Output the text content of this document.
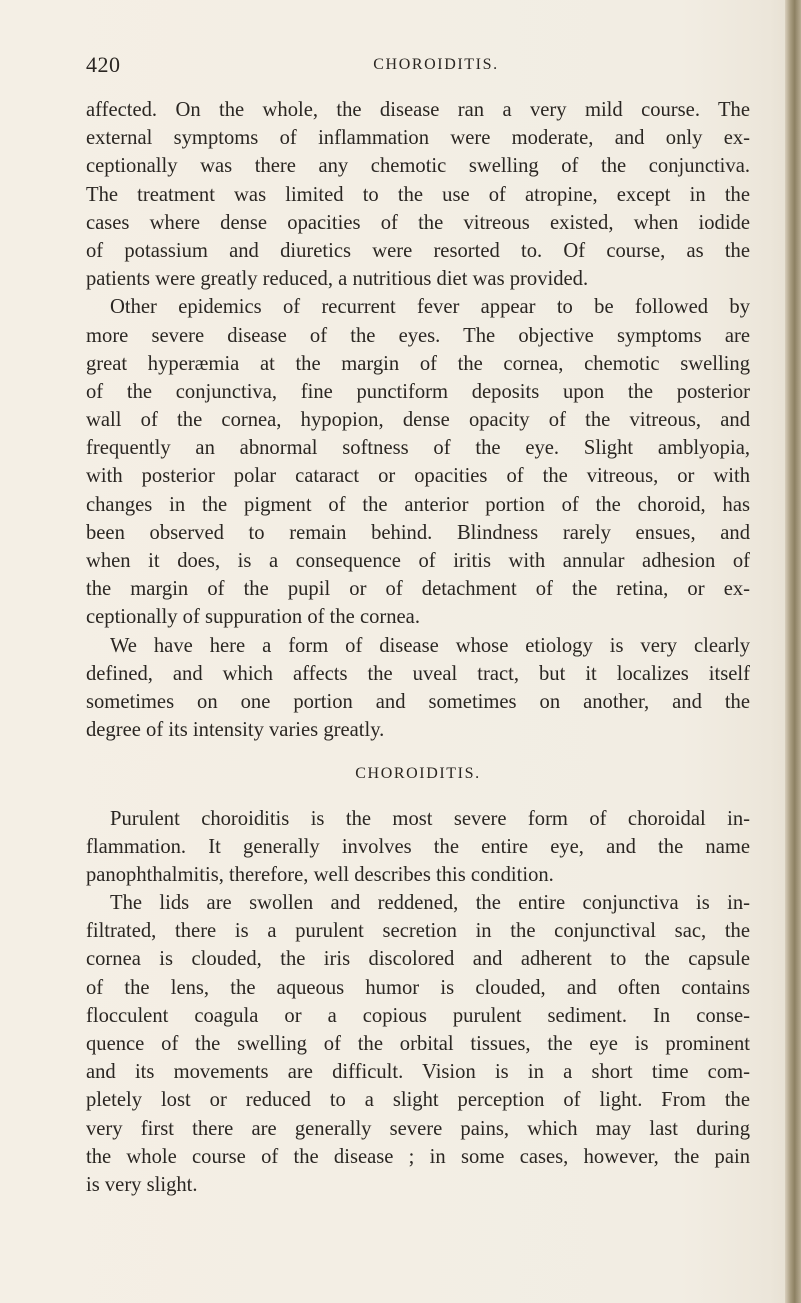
420	CHOROIDITIS.
affected. On the whole, the disease ran a very mild course. The
external symptoms of inflammation were moderate, and only ex-
ceptionally was there any chemotic swelling of the conjunctiva.
The treatment was limited to the use of atropine, except in the
cases where dense opacities of the vitreous existed, when iodide
of potassium and diuretics were resorted to. Of course, as the
patients were greatly reduced, a nutritious diet was provided.
Other epidemics of recurrent fever appear to be followed by
more severe disease of the eyes. The objective symptoms are
great hyperæmia at the margin of the cornea, chemotic swelling
of the conjunctiva, fine punctiform deposits upon the posterior
wall of the cornea, hypopion, dense opacity of the vitreous, and
frequently an abnormal softness of the eye. Slight amblyopia,
with posterior polar cataract or opacities of the vitreous, or with
changes in the pigment of the anterior portion of the choroid, has
been observed to remain behind. Blindness rarely ensues, and
when it does, is a consequence of iritis with annular adhesion of
the margin of the pupil or of detachment of the retina, or ex-
ceptionally of suppuration of the cornea.
We have here a form of disease whose etiology is very clearly
defined, and which affects the uveal tract, but it localizes itself
sometimes on one portion and sometimes on another, and the
degree of its intensity varies greatly.
CHOROIDITIS.
Purulent choroiditis is the most severe form of choroidal in-
flammation. It generally involves the entire eye, and the name
panophthalmitis, therefore, well describes this condition.
The lids are swollen and reddened, the entire conjunctiva is in-
filtrated, there is a purulent secretion in the conjunctival sac, the
cornea is clouded, the iris discolored and adherent to the capsule
of the lens, the aqueous humor is clouded, and often contains
flocculent coagula or a copious purulent sediment. In conse-
quence of the swelling of the orbital tissues, the eye is prominent
and its movements are difficult. Vision is in a short time com-
pletely lost or reduced to a slight perception of light. From the
very first there are generally severe pains, which may last during
the whole course of the disease ; in some cases, however, the pain
is very slight.
